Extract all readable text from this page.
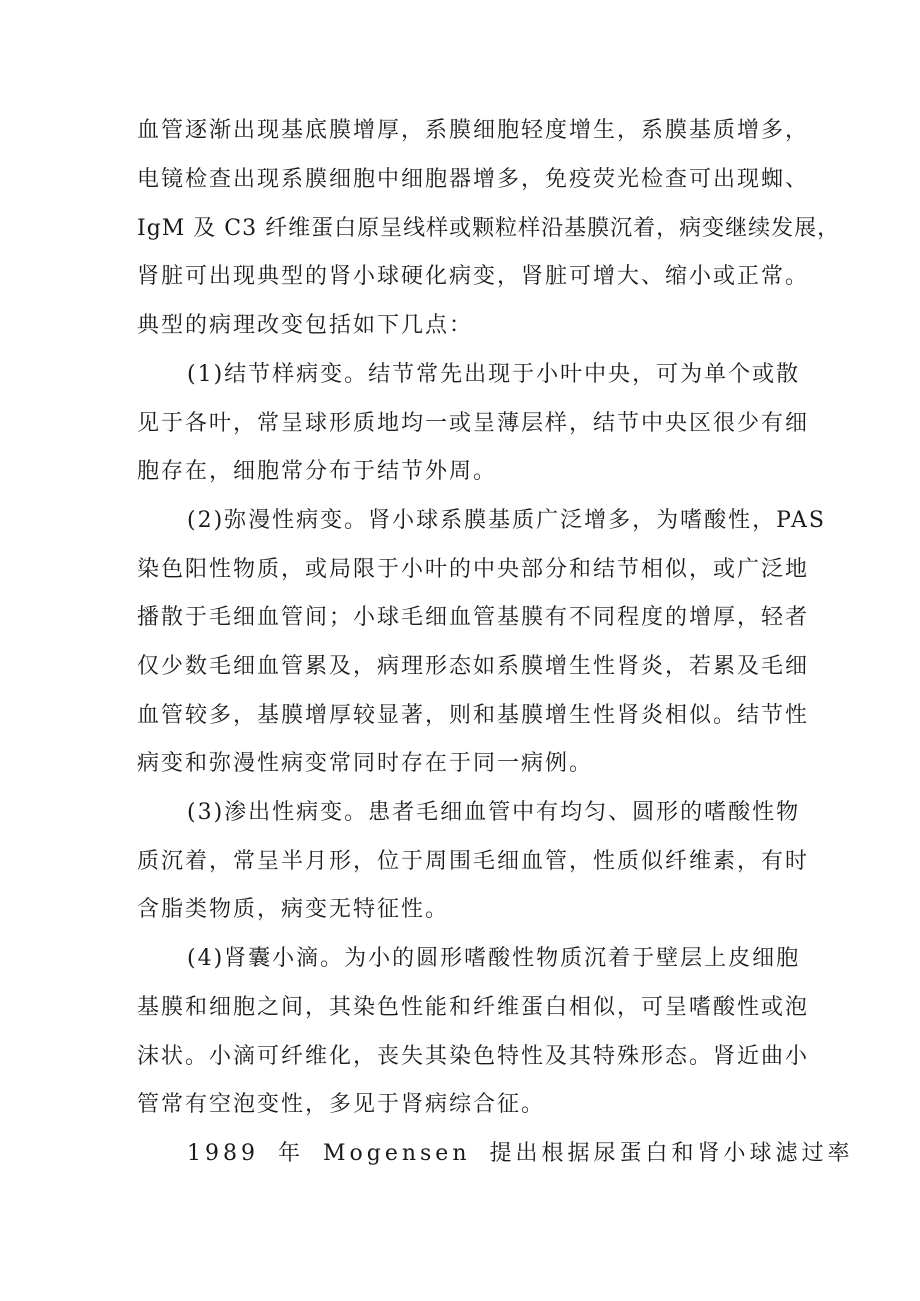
血管逐渐出现基底膜增厚，系膜细胞轻度增生，系膜基质增多，
电镜检查出现系膜细胞中细胞器增多，免疫荧光检查可出现蜘、
IgM 及 C3 纤维蛋白原呈线样或颗粒样沿基膜沉着，病变继续发展，
肾脏可出现典型的肾小球硬化病变，肾脏可增大、缩小或正常。
典型的病理改变包括如下几点：
(1)结节样病变。结节常先出现于小叶中央，可为单个或散
见于各叶，常呈球形质地均一或呈薄层样，结节中央区很少有细
胞存在，细胞常分布于结节外周。
(2)弥漫性病变。肾小球系膜基质广泛增多，为嗜酸性，PAS
染色阳性物质，或局限于小叶的中央部分和结节相似，或广泛地
播散于毛细血管间；小球毛细血管基膜有不同程度的增厚，轻者
仅少数毛细血管累及，病理形态如系膜增生性肾炎，若累及毛细
血管较多，基膜增厚较显著，则和基膜增生性肾炎相似。结节性
病变和弥漫性病变常同时存在于同一病例。
(3)渗出性病变。患者毛细血管中有均匀、圆形的嗜酸性物
质沉着，常呈半月形，位于周围毛细血管，性质似纤维素，有时
含脂类物质，病变无特征性。
(4)肾囊小滴。为小的圆形嗜酸性物质沉着于壁层上皮细胞
基膜和细胞之间，其染色性能和纤维蛋白相似，可呈嗜酸性或泡
沫状。小滴可纤维化，丧失其染色特性及其特殊形态。肾近曲小
管常有空泡变性，多见于肾病综合征。
1989 年 Mogensen 提出根据尿蛋白和肾小球滤过率
